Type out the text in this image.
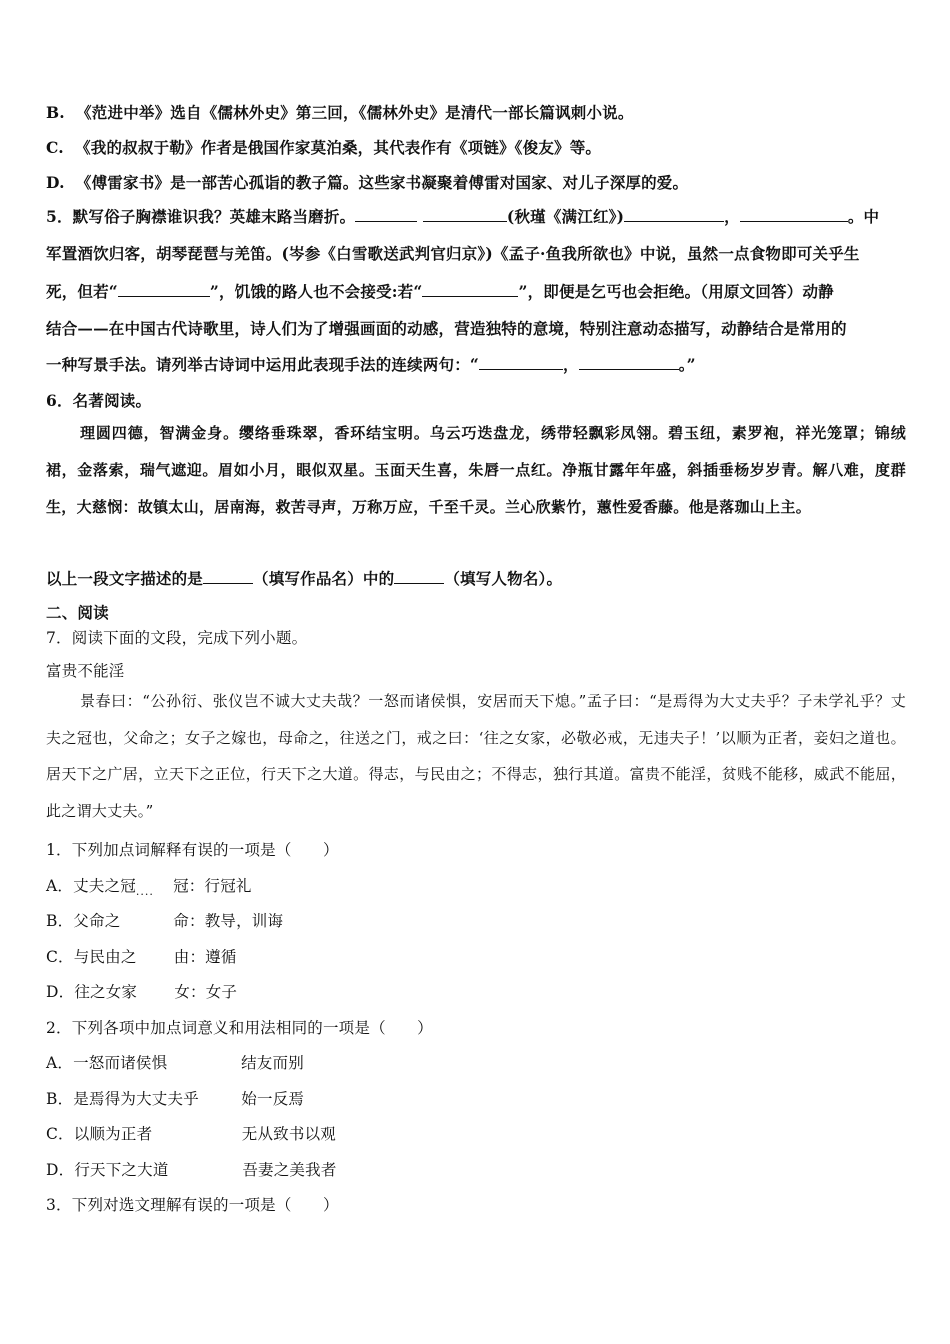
B. 《范进中举》选自《儒林外史》第三回，《儒林外史》是清代一部长篇讽刺小说。
C. 《我的叔叔于勒》作者是俄国作家莫泊桑，其代表作有《项链》《俊友》等。
D. 《傅雷家书》是一部苦心孤诣的教子篇。这些家书凝聚着傅雷对国家、对儿子深厚的爱。
5．默写俗子胸襟谁识我？英雄末路当磨折。	(秋瑾《满江红》)	，	。中
军置酒饮归客，胡琴琵琶与羌笛。(岑参《白雪歌送武判官归京》)《孟子·鱼我所欲也》中说，虽然一点食物即可关乎生
死，但若“	”，饥饿的路人也不会接受:若“	”，即便是乞丐也会拒绝。（用原文回答）动静
结合——在中国古代诗歌里，诗人们为了增强画面的动感，营造独特的意境，特别注意动态描写，动静结合是常用的
一种写景手法。请列举古诗词中运用此表现手法的连续两句：“	，	。”
6．名著阅读。
理圆四德，智满金身。缨络垂珠翠，香环结宝明。乌云巧迭盘龙，绣带轻飘彩凤翎。碧玉纽，素罗袍，祥光笼罩；锦绒裙，金落索，瑞气遮迎。眉如小月，眼似双星。玉面天生喜，朱唇一点红。净瓶甘露年年盛，斜插垂杨岁岁青。解八难，度群生，大慈悯：故镇太山，居南海，救苦寻声，万称万应，千至千灵。兰心欣紫竹，蕙性爱香藤。他是落珈山上主。
以上一段文字描述的是	（填写作品名）中的	（填写人物名）。
二、阅读
7．阅读下面的文段，完成下列小题。
富贵不能淫
景春曰：“公孙衍、张仪岂不诚大丈夫哉？一怒而诸侯惧，安居而天下熄。”孟子曰：“是焉得为大丈夫乎？子未学礼乎？丈夫之冠也，父命之；女子之嫁也，母命之，往送之门，戒之曰：‘往之女家，必敬必戒，无违夫子！’以顺为正者，妾妇之道也。居天下之广居，立天下之正位，行天下之大道。得志，与民由之；不得志，独行其道。富贵不能淫，贫贱不能移，威武不能屈，此之谓大丈夫。”
1．下列加点词解释有误的一项是（　　）
A．丈夫之冠$_{....}$ 冠：行冠礼
B．父命之	命：教导，训诲
C．与民由之 由：遵循
D．往之女家 女：女子
2．下列各项中加点词意义和用法相同的一项是（　　）
A．一怒而诸侯惧	结友而别
B．是焉得为大丈夫乎	始一反焉
C．以顺为正者	无从致书以观
D．行天下之大道	吾妻之美我者
3．下列对选文理解有误的一项是（　　）
